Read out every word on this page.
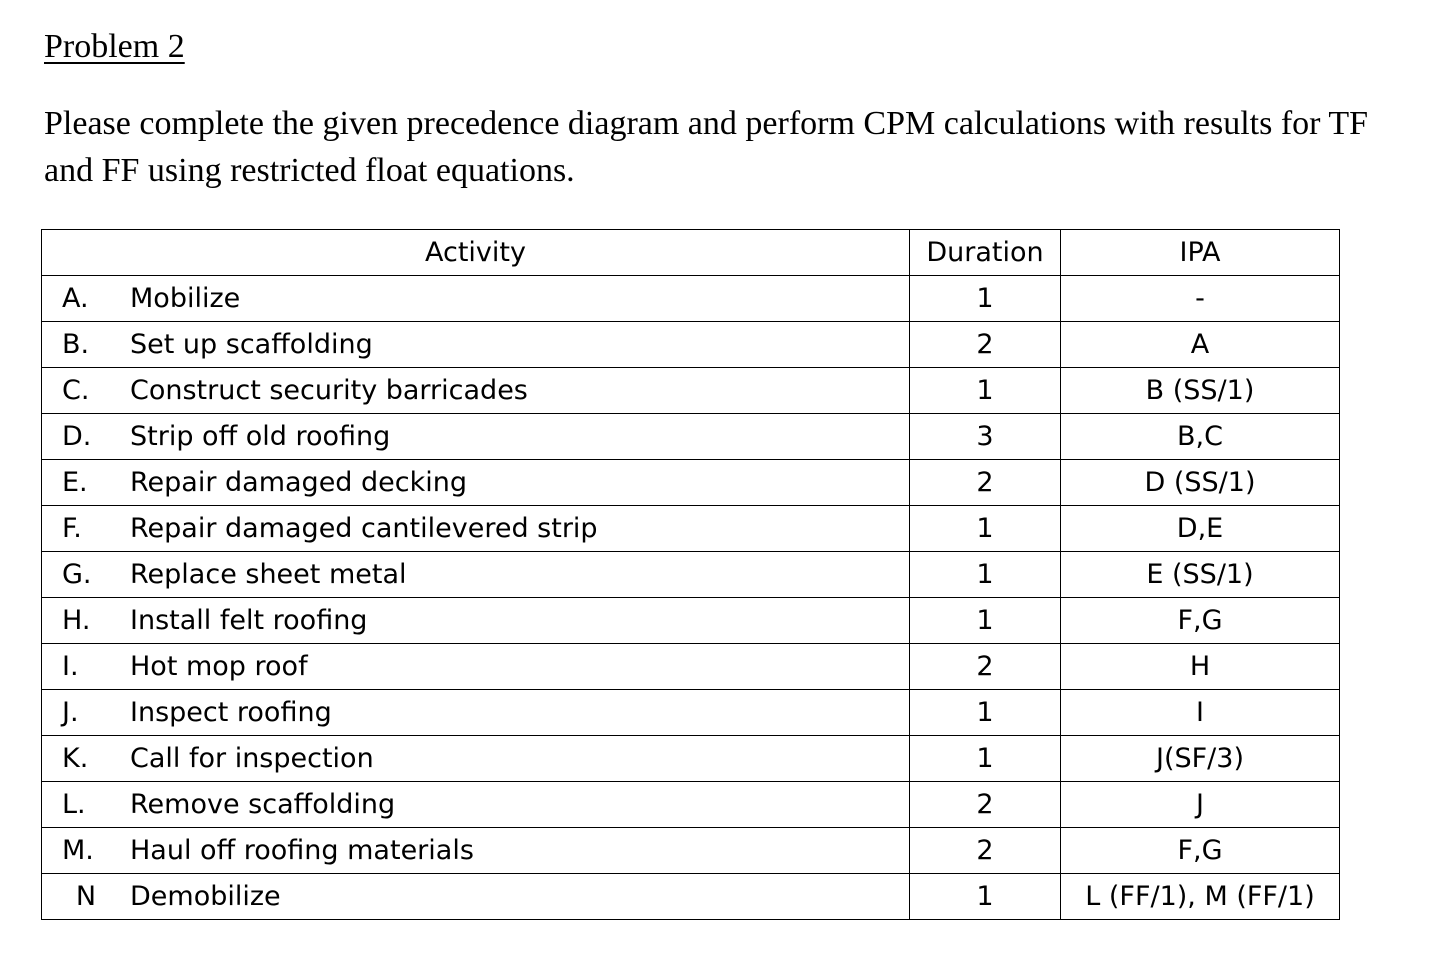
Problem 2

Please complete the given precedence diagram and perform CPM calculations with results for TF
and FF using restricted float equations.

Activity	Duration	IPA
A. Mobilize	1	-
B. Set up scaffolding	2	A
C. Construct security barricades	1	B (SS/1)
D. Strip off old roofing	3	B,C
E. Repair damaged decking	2	D (SS/1)
F. Repair damaged cantilevered strip	1	D,E
G. Replace sheet metal	1	E (SS/1)
H. Install felt roofing	1	F,G
I. Hot mop roof	2	H
J. Inspect roofing	1	I
K. Call for inspection	1	J(SF/3)
L. Remove scaffolding	2	J
M. Haul off roofing materials	2	F,G
N Demobilize	1	L (FF/1), M (FF/1)
